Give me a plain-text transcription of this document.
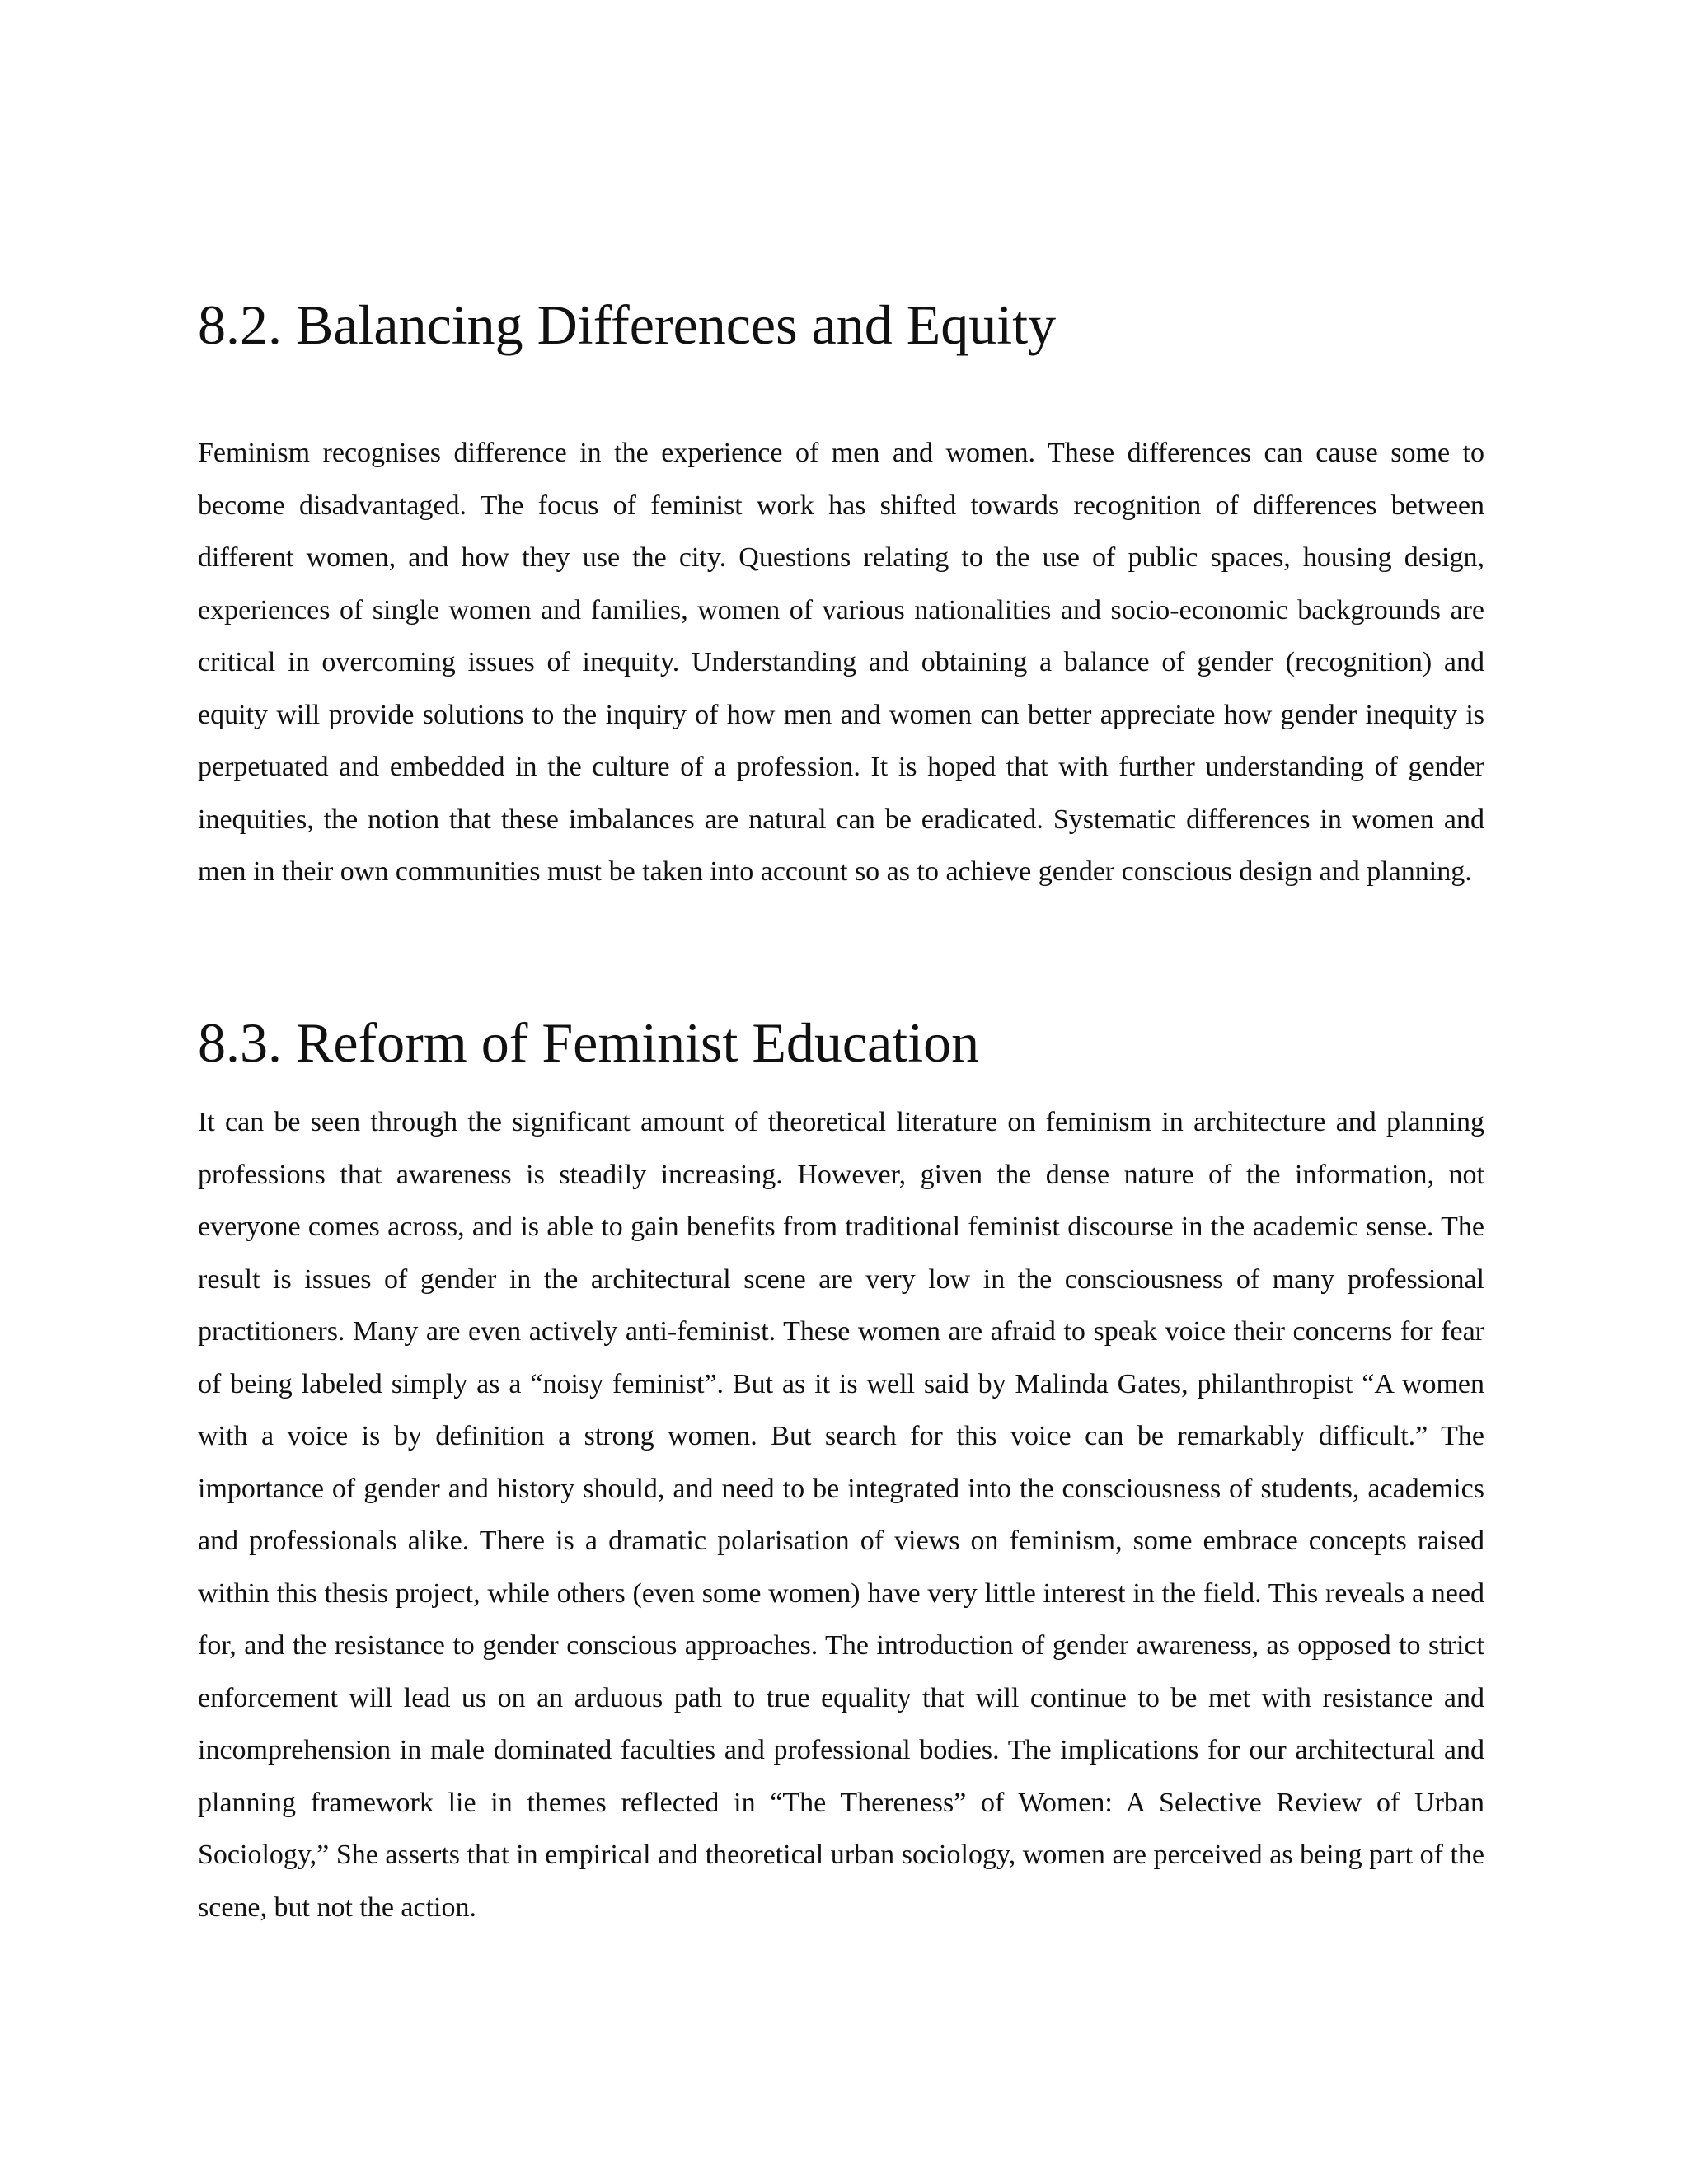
8.2. Balancing Differences and Equity

Feminism recognises difference in the experience of men and women. These differences can cause some to become disadvantaged. The focus of feminist work has shifted towards recognition of differences between different women, and how they use the city. Questions relating to the use of public spaces, housing design, experiences of single women and families, women of various nationalities and socio-economic backgrounds are critical in overcoming issues of inequity. Understanding and obtaining a balance of gender (recognition) and equity will provide solutions to the inquiry of how men and women can better appreciate how gender inequity is perpetuated and embedded in the culture of a profession. It is hoped that with further understanding of gender inequities, the notion that these imbalances are natural can be eradicated. Systematic differences in women and men in their own communities must be taken into account so as to achieve gender conscious design and planning.

8.3. Reform of Feminist Education

It can be seen through the significant amount of theoretical literature on feminism in architecture and planning professions that awareness is steadily increasing. However, given the dense nature of the information, not everyone comes across, and is able to gain benefits from traditional feminist discourse in the academic sense. The result is issues of gender in the architectural scene are very low in the consciousness of many professional practitioners. Many are even actively anti-feminist. These women are afraid to speak voice their concerns for fear of being labeled simply as a “noisy feminist”. But as it is well said by Malinda Gates, philanthropist “A women with a voice is by definition a strong women. But search for this voice can be remarkably difficult.” The importance of gender and history should, and need to be integrated into the consciousness of students, academics and professionals alike. There is a dramatic polarisation of views on feminism, some embrace concepts raised within this thesis project, while others (even some women) have very little interest in the field. This reveals a need for, and the resistance to gender conscious approaches. The introduction of gender awareness, as opposed to strict enforcement will lead us on an arduous path to true equality that will continue to be met with resistance and incomprehension in male dominated faculties and professional bodies. The implications for our architectural and planning framework lie in themes reflected in “The Thereness” of Women: A Selective Review of Urban Sociology,” She asserts that in empirical and theoretical urban sociology, women are perceived as being part of the scene, but not the action.
